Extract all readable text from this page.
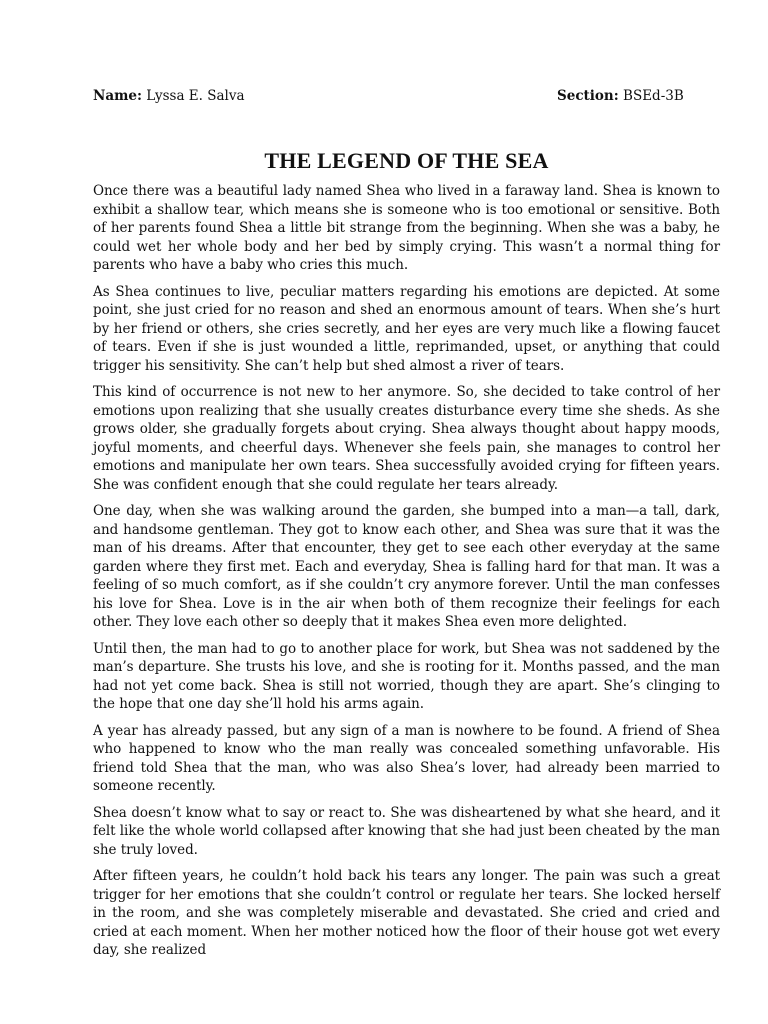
Name: Lyssa E. Salva	Section: BSEd-3B
THE LEGEND OF THE SEA

Once there was a beautiful lady named Shea who lived in a faraway land. Shea is known to exhibit a shallow tear, which means she is someone who is too emotional or sensitive. Both of her parents found Shea a little bit strange from the beginning. When she was a baby, he could wet her whole body and her bed by simply crying. This wasn’t a normal thing for parents who have a baby who cries this much.

As Shea continues to live, peculiar matters regarding his emotions are depicted. At some point, she just cried for no reason and shed an enormous amount of tears. When she’s hurt by her friend or others, she cries secretly, and her eyes are very much like a flowing faucet of tears. Even if she is just wounded a little, reprimanded, upset, or anything that could trigger his sensitivity. She can’t help but shed almost a river of tears.

This kind of occurrence is not new to her anymore. So, she decided to take control of her emotions upon realizing that she usually creates disturbance every time she sheds. As she grows older, she gradually forgets about crying. Shea always thought about happy moods, joyful moments, and cheerful days. Whenever she feels pain, she manages to control her emotions and manipulate her own tears. Shea successfully avoided crying for fifteen years. She was confident enough that she could regulate her tears already.

One day, when she was walking around the garden, she bumped into a man—a tall, dark, and handsome gentleman. They got to know each other, and Shea was sure that it was the man of his dreams. After that encounter, they get to see each other everyday at the same garden where they first met. Each and everyday, Shea is falling hard for that man. It was a feeling of so much comfort, as if she couldn’t cry anymore forever. Until the man confesses his love for Shea. Love is in the air when both of them recognize their feelings for each other. They love each other so deeply that it makes Shea even more delighted.

Until then, the man had to go to another place for work, but Shea was not saddened by the man’s departure. She trusts his love, and she is rooting for it. Months passed, and the man had not yet come back. Shea is still not worried, though they are apart. She’s clinging to the hope that one day she’ll hold his arms again.

A year has already passed, but any sign of a man is nowhere to be found. A friend of Shea who happened to know who the man really was concealed something unfavorable. His friend told Shea that the man, who was also Shea’s lover, had already been married to someone recently.

Shea doesn’t know what to say or react to. She was disheartened by what she heard, and it felt like the whole world collapsed after knowing that she had just been cheated by the man she truly loved.

After fifteen years, he couldn’t hold back his tears any longer. The pain was such a great trigger for her emotions that she couldn’t control or regulate her tears. She locked herself in the room, and she was completely miserable and devastated. She cried and cried and cried at each moment. When her mother noticed how the floor of their house got wet every day, she realized
